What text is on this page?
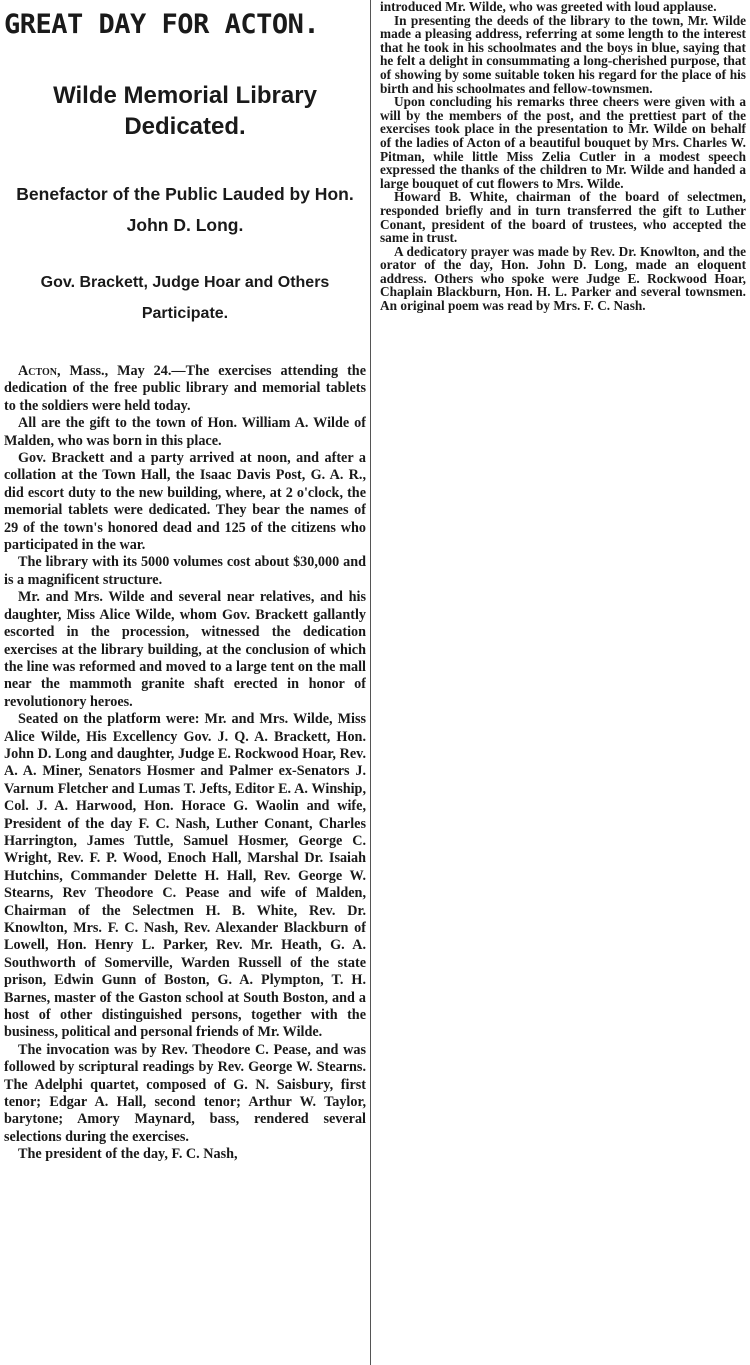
GREAT DAY FOR ACTON.
Wilde Memorial Library Dedicated.
Benefactor of the Public Lauded by Hon. John D. Long.
Gov. Brackett, Judge Hoar and Others Participate.

Acton, Mass., May 24.—The exercises attending the dedication of the free public library and memorial tablets to the soldiers were held today.

All are the gift to the town of Hon. William A. Wilde of Malden, who was born in this place.

Gov. Brackett and a party arrived at noon, and after a collation at the Town Hall, the Isaac Davis Post, G. A. R., did escort duty to the new building, where, at 2 o'clock, the memorial tablets were dedicated. They bear the names of 29 of the town's honored dead and 125 of the citizens who participated in the war.

The library with its 5000 volumes cost about $30,000 and is a magnificent structure.

Mr. and Mrs. Wilde and several near relatives, and his daughter, Miss Alice Wilde, whom Gov. Brackett gallantly escorted in the procession, witnessed the dedication exercises at the library building, at the conclusion of which the line was reformed and moved to a large tent on the mall near the mammoth granite shaft erected in honor of revolutionory heroes.

Seated on the platform were: Mr. and Mrs. Wilde, Miss Alice Wilde, His Excellency Gov. J. Q. A. Brackett, Hon. John D. Long and daughter, Judge E. Rockwood Hoar, Rev. A. A. Miner, Senators Hosmer and Palmer ex-Senators J. Varnum Fletcher and Lumas T. Jefts, Editor E. A. Winship, Col. J. A. Harwood, Hon. Horace G. Waolin and wife, President of the day F. C. Nash, Luther Conant, Charles Harrington, James Tuttle, Samuel Hosmer, George C. Wright, Rev. F. P. Wood, Enoch Hall, Marshal Dr. Isaiah Hutchins, Commander Delette H. Hall, Rev. George W. Stearns, Rev Theodore C. Pease and wife of Malden, Chairman of the Selectmen H. B. White, Rev. Dr. Knowlton, Mrs. F. C. Nash, Rev. Alexander Blackburn of Lowell, Hon. Henry L. Parker, Rev. Mr. Heath, G. A. Southworth of Somerville, Warden Russell of the state prison, Edwin Gunn of Boston, G. A. Plympton, T. H. Barnes, master of the Gaston school at South Boston, and a host of other distinguished persons, together with the business, political and personal friends of Mr. Wilde.

The invocation was by Rev. Theodore C. Pease, and was followed by scriptural readings by Rev. George W. Stearns. The Adelphi quartet, composed of G. N. Saisbury, first tenor; Edgar A. Hall, second tenor; Arthur W. Taylor, barytone; Amory Maynard, bass, rendered several selections during the exercises.

The president of the day, F. C. Nash,

introduced Mr. Wilde, who was greeted with loud applause.

In presenting the deeds of the library to the town, Mr. Wilde made a pleasing address, referring at some length to the interest that he took in his schoolmates and the boys in blue, saying that he felt a delight in consummating a long-cherished purpose, that of showing by some suitable token his regard for the place of his birth and his schoolmates and fellow-townsmen.

Upon concluding his remarks three cheers were given with a will by the members of the post, and the prettiest part of the exercises took place in the presentation to Mr. Wilde on behalf of the ladies of Acton of a beautiful bouquet by Mrs. Charles W. Pitman, while little Miss Zelia Cutler in a modest speech expressed the thanks of the children to Mr. Wilde and handed a large bouquet of cut flowers to Mrs. Wilde.

Howard B. White, chairman of the board of selectmen, responded briefly and in turn transferred the gift to Luther Conant, president of the board of trustees, who accepted the same in trust.

A dedicatory prayer was made by Rev. Dr. Knowlton, and the orator of the day, Hon. John D. Long, made an eloquent address. Others who spoke were Judge E. Rockwood Hoar, Chaplain Blackburn, Hon. H. L. Parker and several townsmen. An original poem was read by Mrs. F. C. Nash.
